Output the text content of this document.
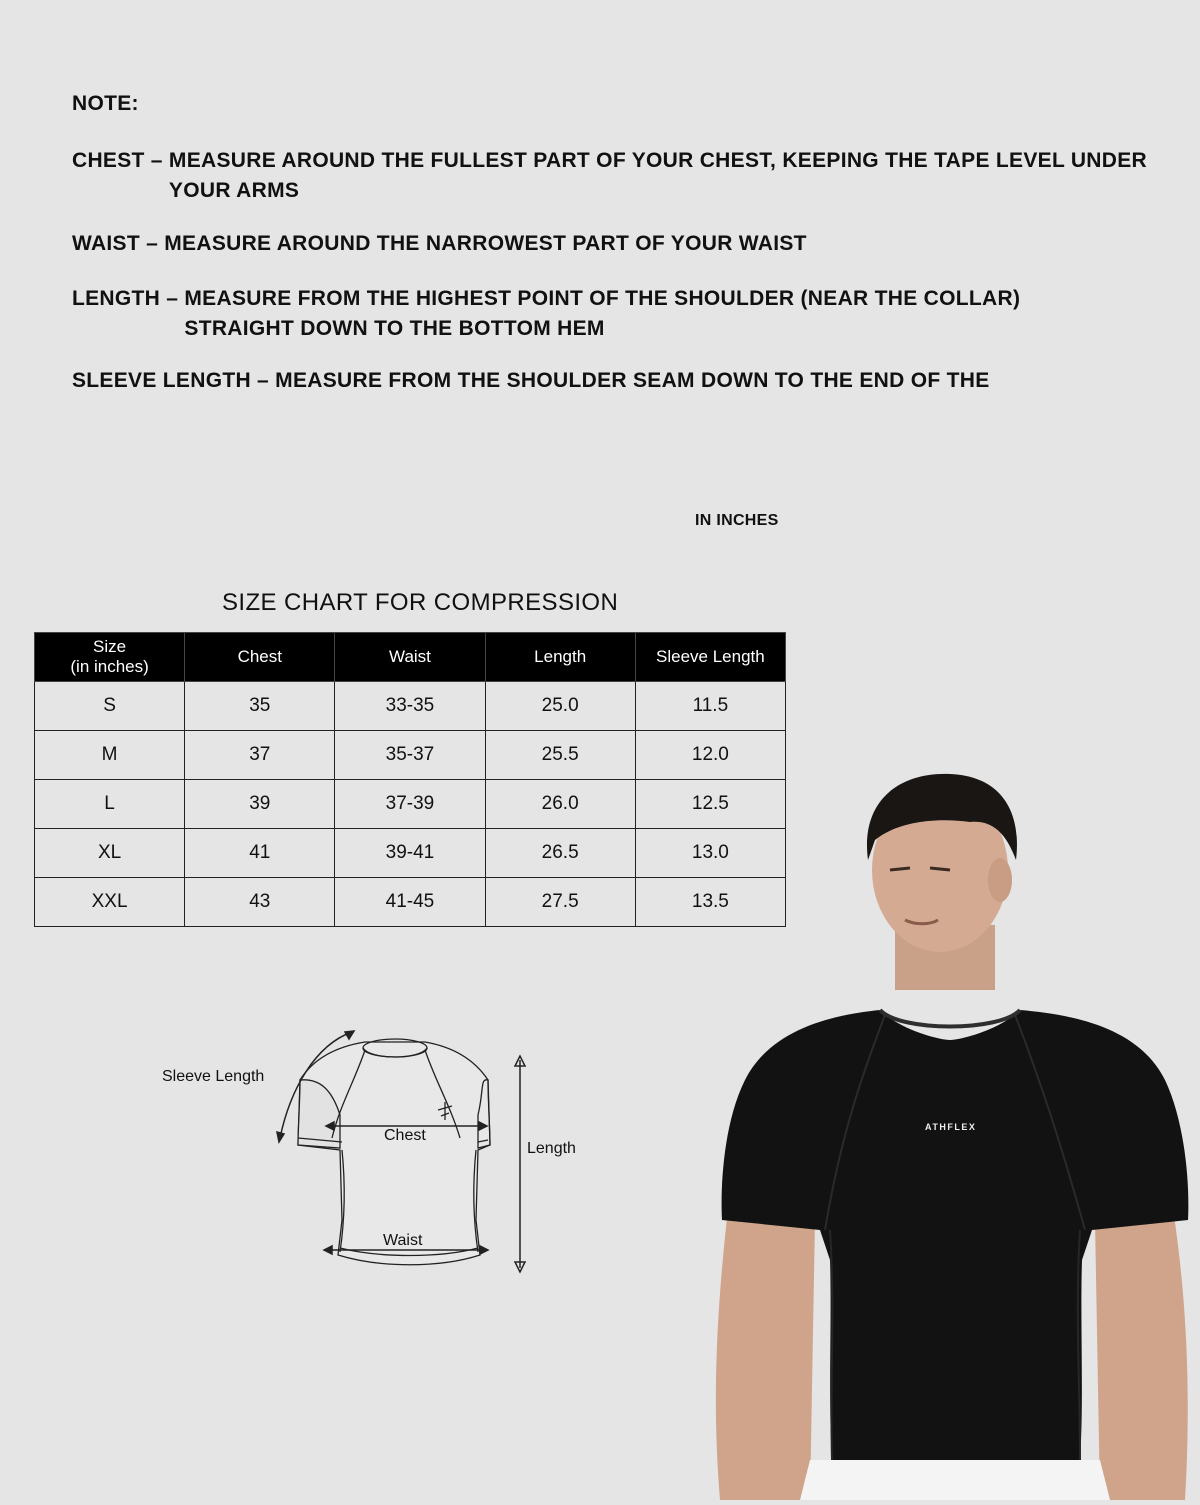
NOTE:
CHEST – MEASURE AROUND THE FULLEST PART OF YOUR CHEST, KEEPING THE TAPE LEVEL UNDER YOUR ARMS
WAIST – MEASURE AROUND THE NARROWEST PART OF YOUR WAIST
LENGTH – MEASURE FROM THE HIGHEST POINT OF THE SHOULDER (NEAR THE COLLAR) STRAIGHT DOWN TO THE BOTTOM HEM
SLEEVE LENGTH – MEASURE FROM THE SHOULDER SEAM DOWN TO THE END OF THE
IN INCHES
SIZE CHART FOR COMPRESSION
Size
(in inches)	Chest	Waist	Length	Sleeve Length
S	35	33-35	25.0	11.5
M	37	35-37	25.5	12.0
L	39	37-39	26.0	12.5
XL	41	39-41	26.5	13.0
XXL	43	41-45	27.5	13.5
Sleeve Length
Chest
Waist
Length
ATHFLEX
